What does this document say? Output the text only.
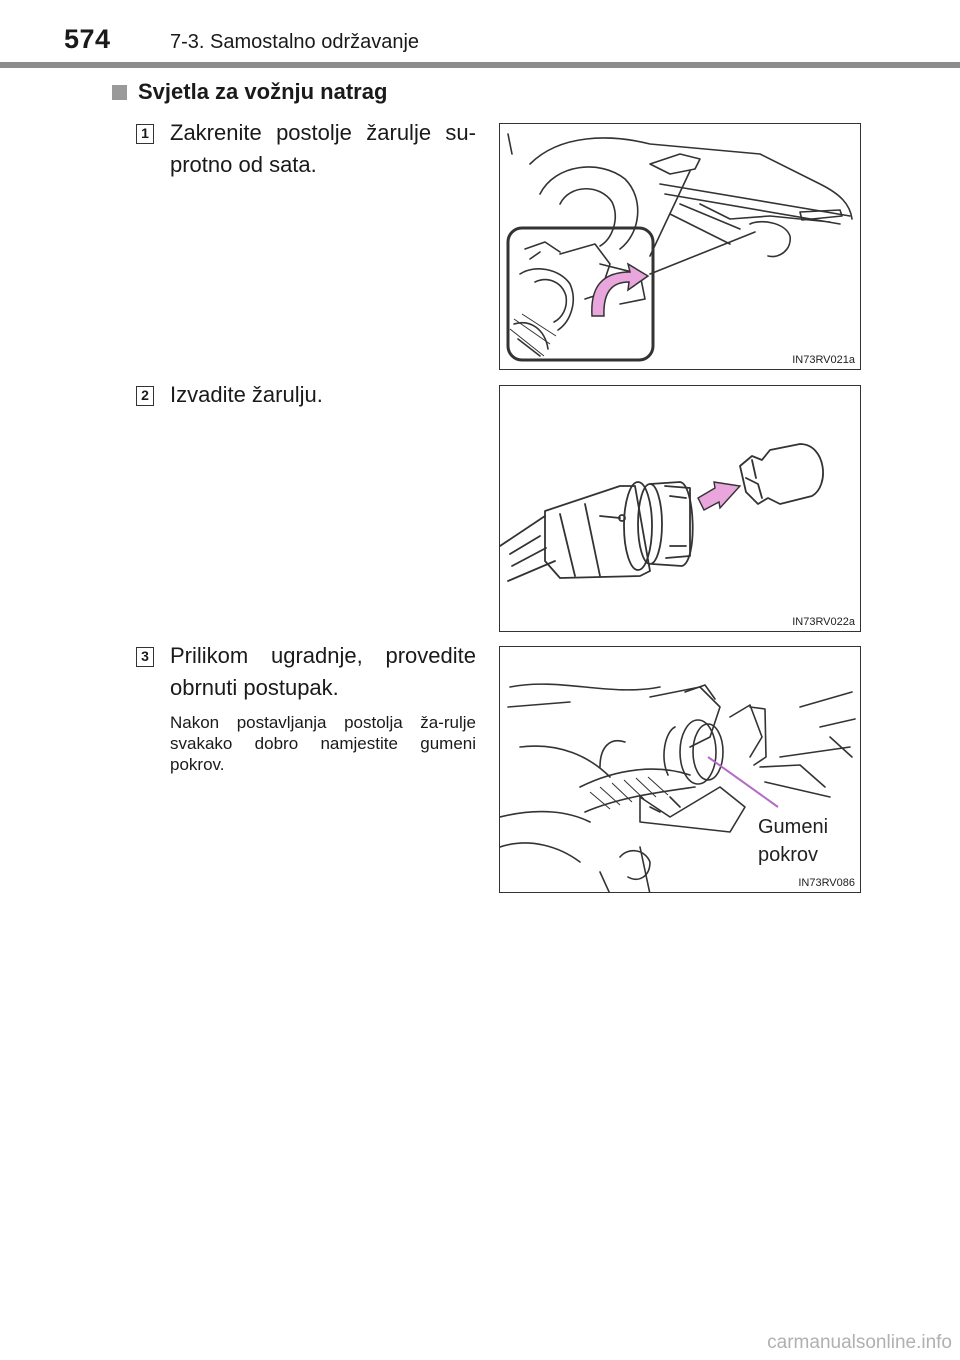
574	7-3. Samostalno održavanje
Svjetla za vožnju natrag
1 Zakrenite postolje žarulje su-protno od sata.
IN73RV021a
2 Izvadite žarulju.
IN73RV022a
3 Prilikom ugradnje, provedite obrnuti postupak.
Nakon postavljanja postolja ža-rulje svakako dobro namjestite gumeni pokrov.
Gumeni
pokrov
IN73RV086
carmanualsonline.info
